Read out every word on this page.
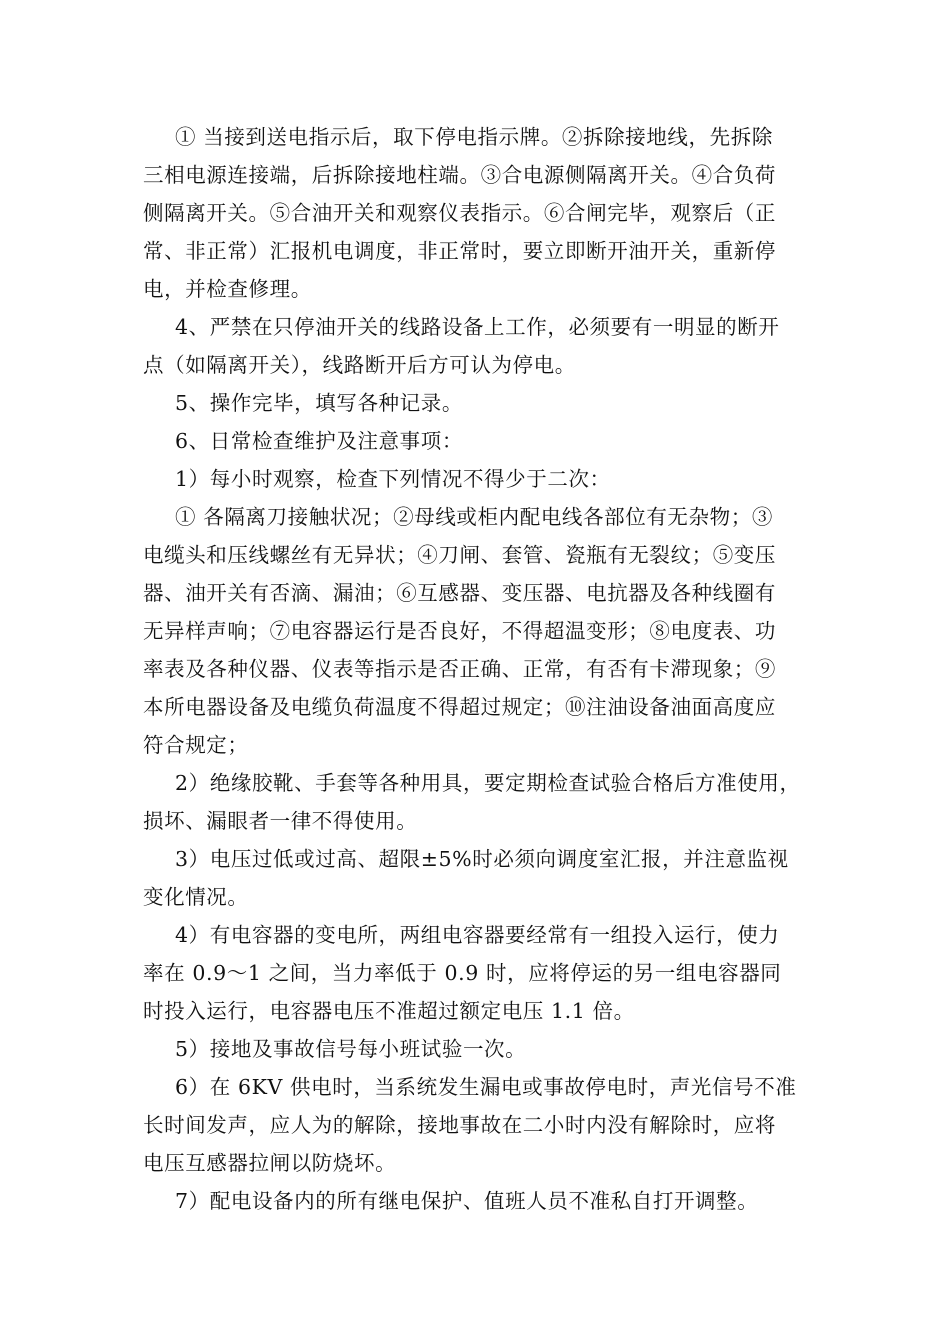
① 当接到送电指示后，取下停电指示牌。②拆除接地线，先拆除
三相电源连接端，后拆除接地柱端。③合电源侧隔离开关。④合负荷
侧隔离开关。⑤合油开关和观察仪表指示。⑥合闸完毕，观察后（正
常、非正常）汇报机电调度，非正常时，要立即断开油开关，重新停
电，并检查修理。
4、严禁在只停油开关的线路设备上工作，必须要有一明显的断开
点（如隔离开关），线路断开后方可认为停电。
5、操作完毕，填写各种记录。
6、日常检查维护及注意事项：
1）每小时观察，检查下列情况不得少于二次：
① 各隔离刀接触状况；②母线或柜内配电线各部位有无杂物；③
电缆头和压线螺丝有无异状；④刀闸、套管、瓷瓶有无裂纹；⑤变压
器、油开关有否滴、漏油；⑥互感器、变压器、电抗器及各种线圈有
无异样声响；⑦电容器运行是否良好，不得超温变形；⑧电度表、功
率表及各种仪器、仪表等指示是否正确、正常，有否有卡滞现象；⑨
本所电器设备及电缆负荷温度不得超过规定；⑩注油设备油面高度应
符合规定；
2）绝缘胶靴、手套等各种用具，要定期检查试验合格后方准使用，
损坏、漏眼者一律不得使用。
3）电压过低或过高、超限±5%时必须向调度室汇报，并注意监视
变化情况。
4）有电容器的变电所，两组电容器要经常有一组投入运行，使力
率在 0.9～1 之间，当力率低于 0.9 时，应将停运的另一组电容器同
时投入运行，电容器电压不准超过额定电压 1.1 倍。
5）接地及事故信号每小班试验一次。
6）在 6KV 供电时，当系统发生漏电或事故停电时，声光信号不准
长时间发声，应人为的解除，接地事故在二小时内没有解除时，应将
电压互感器拉闸以防烧坏。
7）配电设备内的所有继电保护、值班人员不准私自打开调整。
